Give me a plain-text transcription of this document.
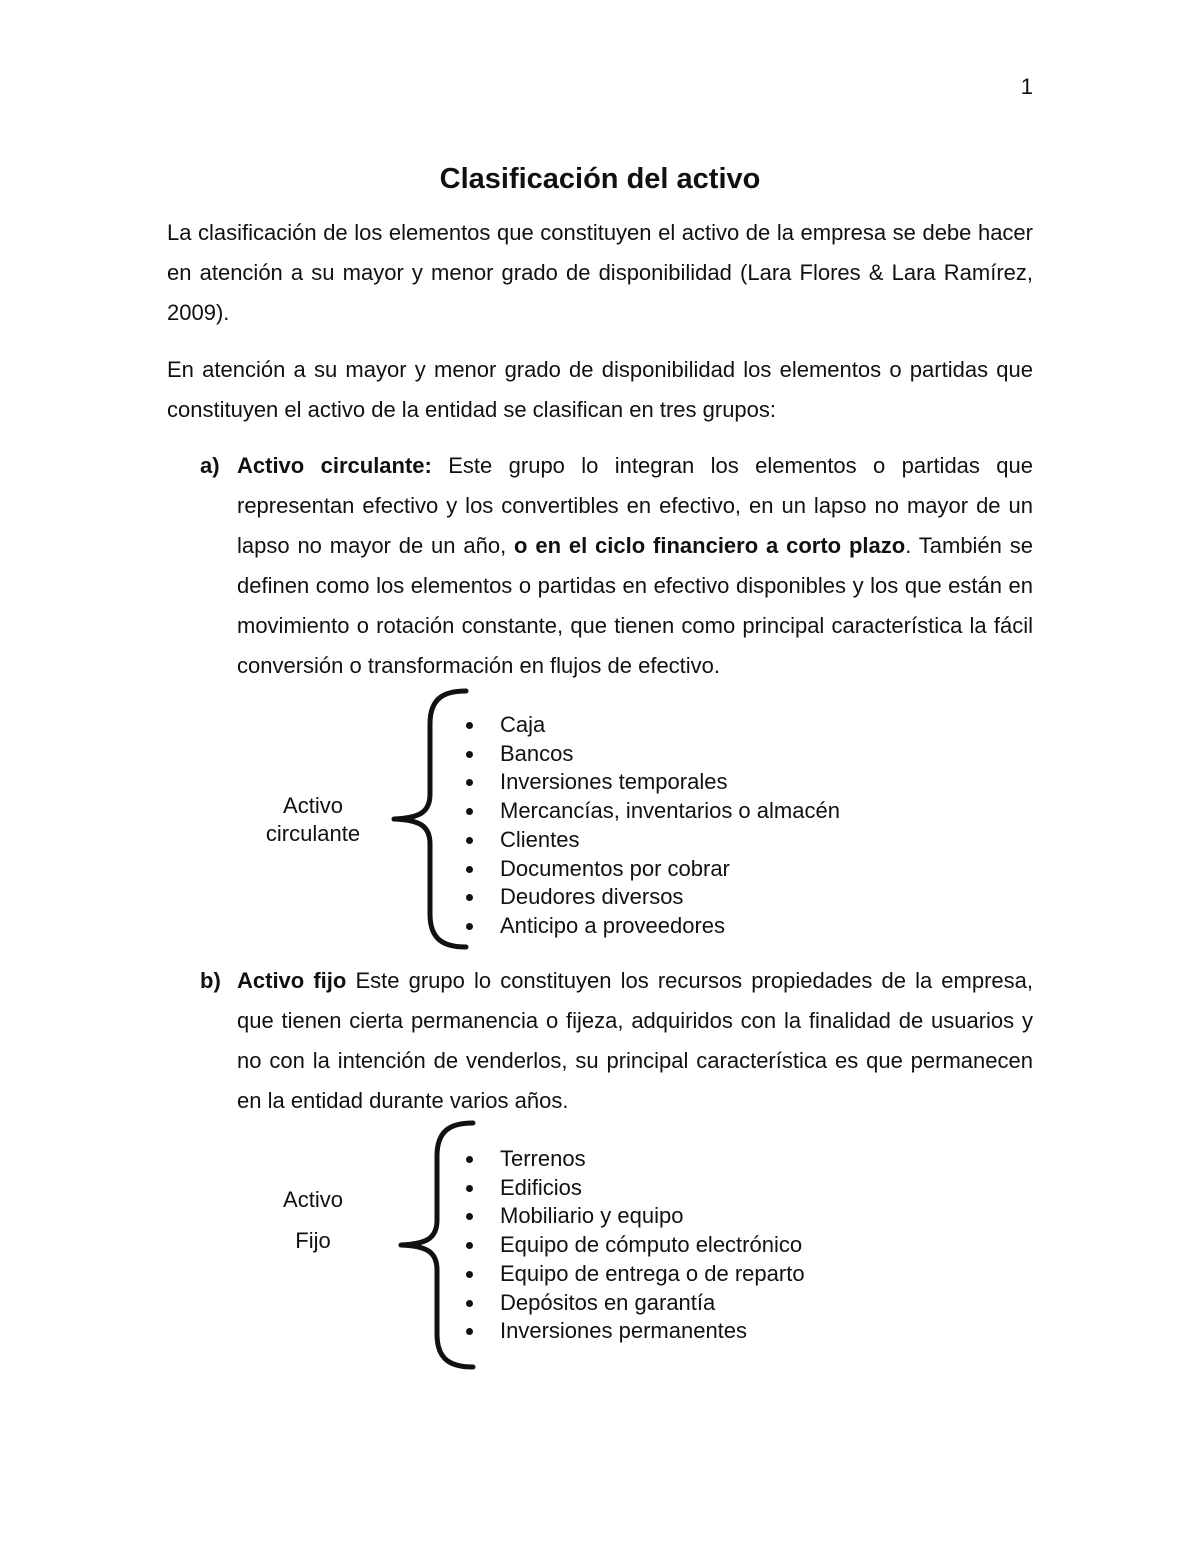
1
Clasificación del activo

La clasificación de los elementos que constituyen el activo de la empresa se debe hacer en atención a su mayor y menor grado de disponibilidad (Lara Flores & Lara Ramírez, 2009).

En atención a su mayor y menor grado de disponibilidad los elementos o partidas que constituyen el activo de la entidad se clasifican en tres grupos:

a) Activo circulante: Este grupo lo integran los elementos o partidas que representan efectivo y los convertibles en efectivo, en un lapso no mayor de un lapso no mayor de un año, o en el ciclo financiero a corto plazo. También se definen como los elementos o partidas en efectivo disponibles y los que están en movimiento o rotación constante, que tienen como principal característica la fácil conversión o transformación en flujos de efectivo.
Activo
circulante
Caja
Bancos
Inversiones temporales
Mercancías, inventarios o almacén
Clientes
Documentos por cobrar
Deudores diversos
Anticipo a proveedores
b) Activo fijo Este grupo lo constituyen los recursos propiedades de la empresa, que tienen cierta permanencia o fijeza, adquiridos con la finalidad de usuarios y no con la intención de venderlos, su principal característica es que permanecen en la entidad durante varios años.
Activo
Fijo
Terrenos
Edificios
Mobiliario y equipo
Equipo de cómputo electrónico
Equipo de entrega o de reparto
Depósitos en garantía
Inversiones permanentes
